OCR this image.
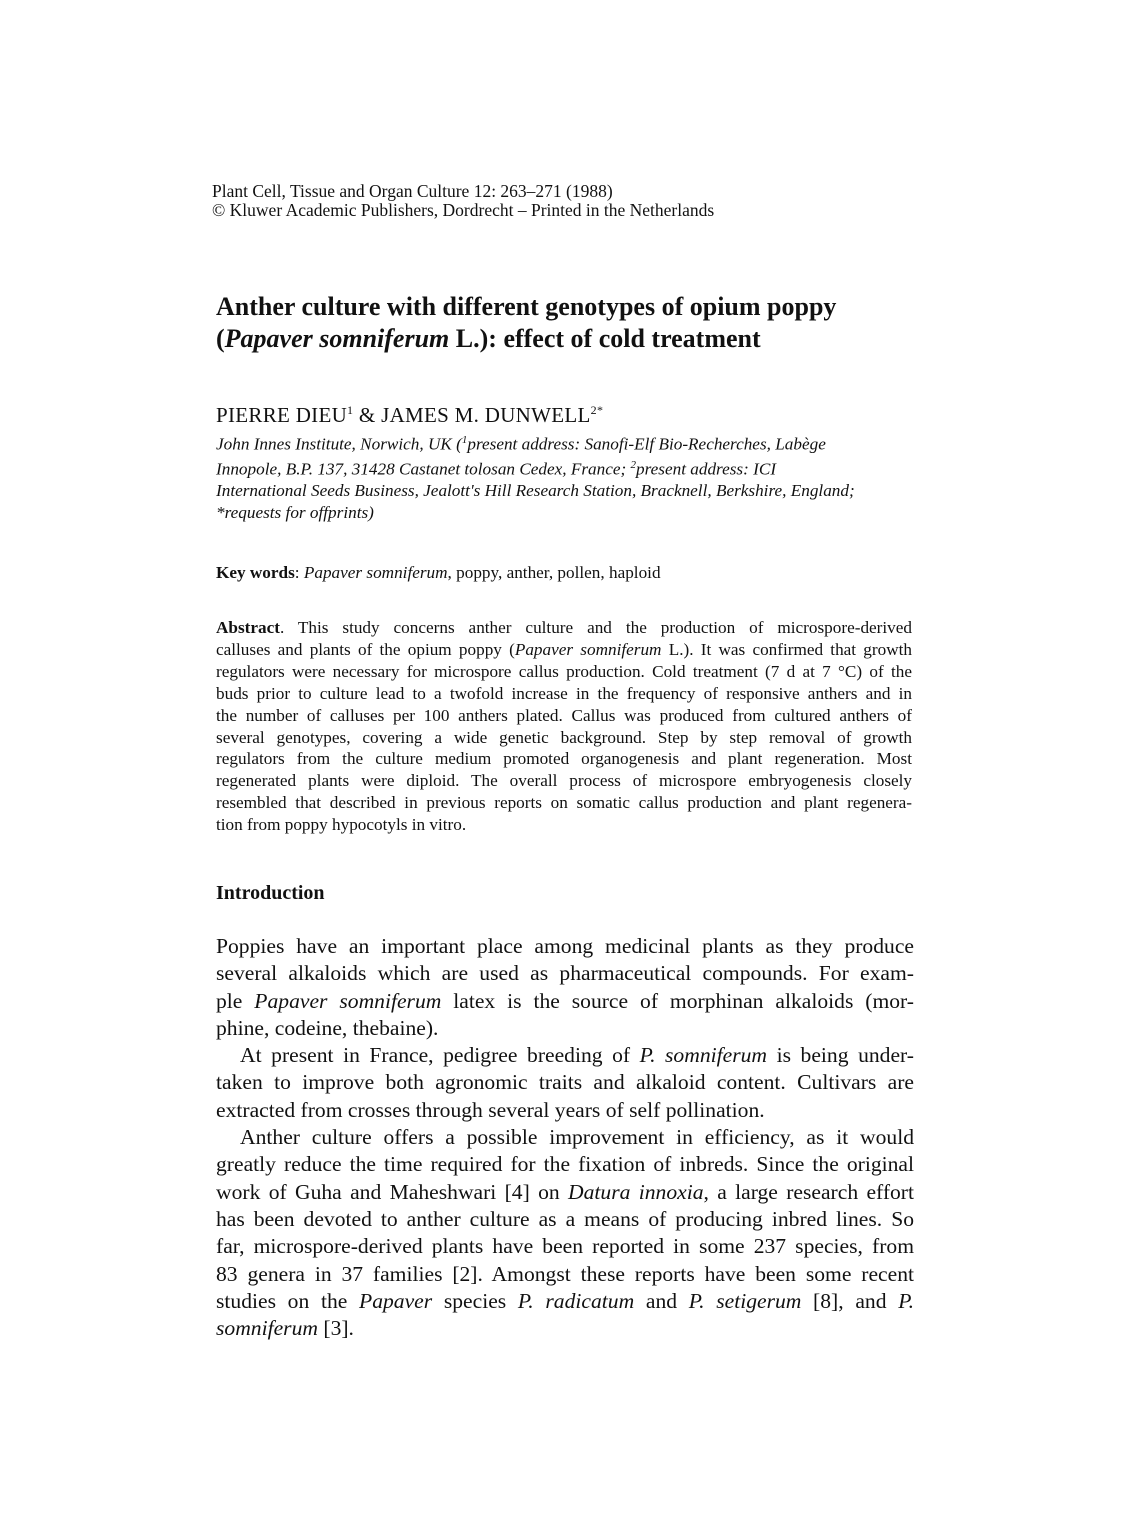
Plant Cell, Tissue and Organ Culture 12: 263–271 (1988)
© Kluwer Academic Publishers, Dordrecht – Printed in the Netherlands
Anther culture with different genotypes of opium poppy
(Papaver somniferum L.): effect of cold treatment
PIERRE DIEU$^1$ & JAMES M. $DUNWELL^{2*}$
John Innes Institute, Norwich, UK ($^1$present address: Sanofi-Elf Bio-Recherches, Labège
Innopole, B.P. 137, 31428 Castanet tolosan Cedex, France; $^2$present address: ICI
International Seeds Business, Jealott's Hill Research Station, Bracknell, Berkshire, England;
*requests for offprints)
Key words: Papaver somniferum, poppy, anther, pollen, haploid
Abstract. This study concerns anther culture and the production of microspore-derived
calluses and plants of the opium poppy (Papaver somniferum L.). It was confirmed that growth
regulators were necessary for microspore callus production. Cold treatment (7 d at 7 °C) of the
buds prior to culture lead to a twofold increase in the frequency of responsive anthers and in
the number of calluses per 100 anthers plated. Callus was produced from cultured anthers of
several genotypes, covering a wide genetic background. Step by step removal of growth
regulators from the culture medium promoted organogenesis and plant regeneration. Most
regenerated plants were diploid. The overall process of microspore embryogenesis closely
resembled that described in previous reports on somatic callus production and plant regenera-
tion from poppy hypocotyls in vitro.
Introduction
Poppies have an important place among medicinal plants as they produce
several alkaloids which are used as pharmaceutical compounds. For exam-
ple Papaver somniferum latex is the source of morphinan alkaloids (mor-
phine, codeine, thebaine).
At present in France, pedigree breeding of P. somniferum is being under-
taken to improve both agronomic traits and alkaloid content. Cultivars are
extracted from crosses through several years of self pollination.
Anther culture offers a possible improvement in efficiency, as it would
greatly reduce the time required for the fixation of inbreds. Since the original
work of Guha and Maheshwari [4] on Datura innoxia, a large research effort
has been devoted to anther culture as a means of producing inbred lines. So
far, microspore-derived plants have been reported in some 237 species, from
83 genera in 37 families [2]. Amongst these reports have been some recent
studies on the Papaver species P. radicatum and P. setigerum [8], and P.
somniferum [3].
